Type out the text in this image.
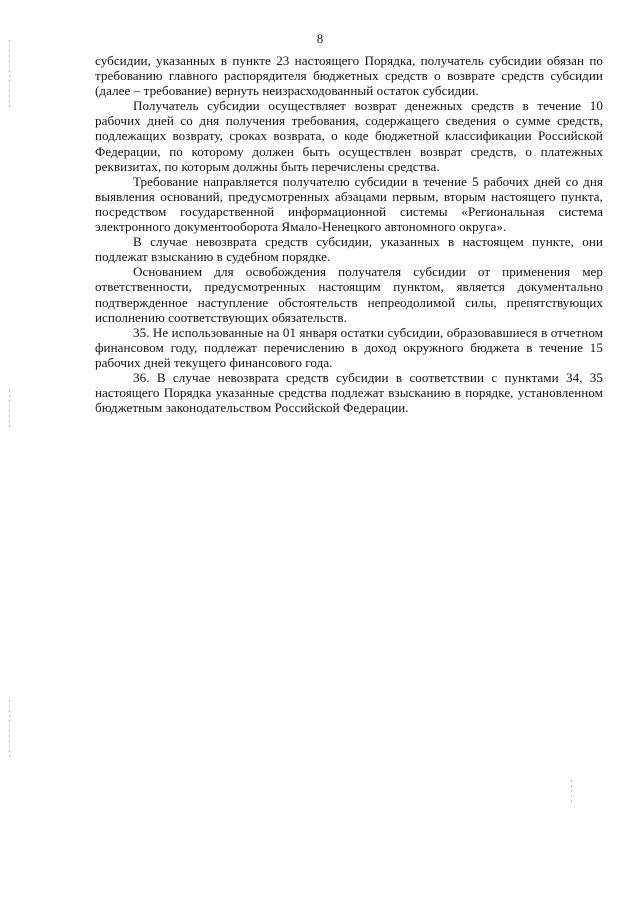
8

субсидии, указанных в пункте 23 настоящего Порядка, получатель субсидии обязан по требованию главного распорядителя бюджетных средств о возврате средств субсидии (далее – требование) вернуть неизрасходованный остаток субсидии.

Получатель субсидии осуществляет возврат денежных средств в течение 10 рабочих дней со дня получения требования, содержащего сведения о сумме средств, подлежащих возврату, сроках возврата, о коде бюджетной классификации Российской Федерации, по которому должен быть осуществлен возврат средств, о платежных реквизитах, по которым должны быть перечислены средства.

Требование направляется получателю субсидии в течение 5 рабочих дней со дня выявления оснований, предусмотренных абзацами первым, вторым настоящего пункта, посредством государственной информационной системы «Региональная система электронного документооборота Ямало-Ненецкого автономного округа».

В случае невозврата средств субсидии, указанных в настоящем пункте, они подлежат взысканию в судебном порядке.

Основанием для освобождения получателя субсидии от применения мер ответственности, предусмотренных настоящим пунктом, является документально подтвержденное наступление обстоятельств непреодолимой силы, препятствующих исполнению соответствующих обязательств.

35. Не использованные на 01 января остатки субсидии, образовавшиеся в отчетном финансовом году, подлежат перечислению в доход окружного бюджета в течение 15 рабочих дней текущего финансового года.

36. В случае невозврата средств субсидии в соответствии с пунктами 34, 35 настоящего Порядка указанные средства подлежат взысканию в порядке, установленном бюджетным законодательством Российской Федерации.
